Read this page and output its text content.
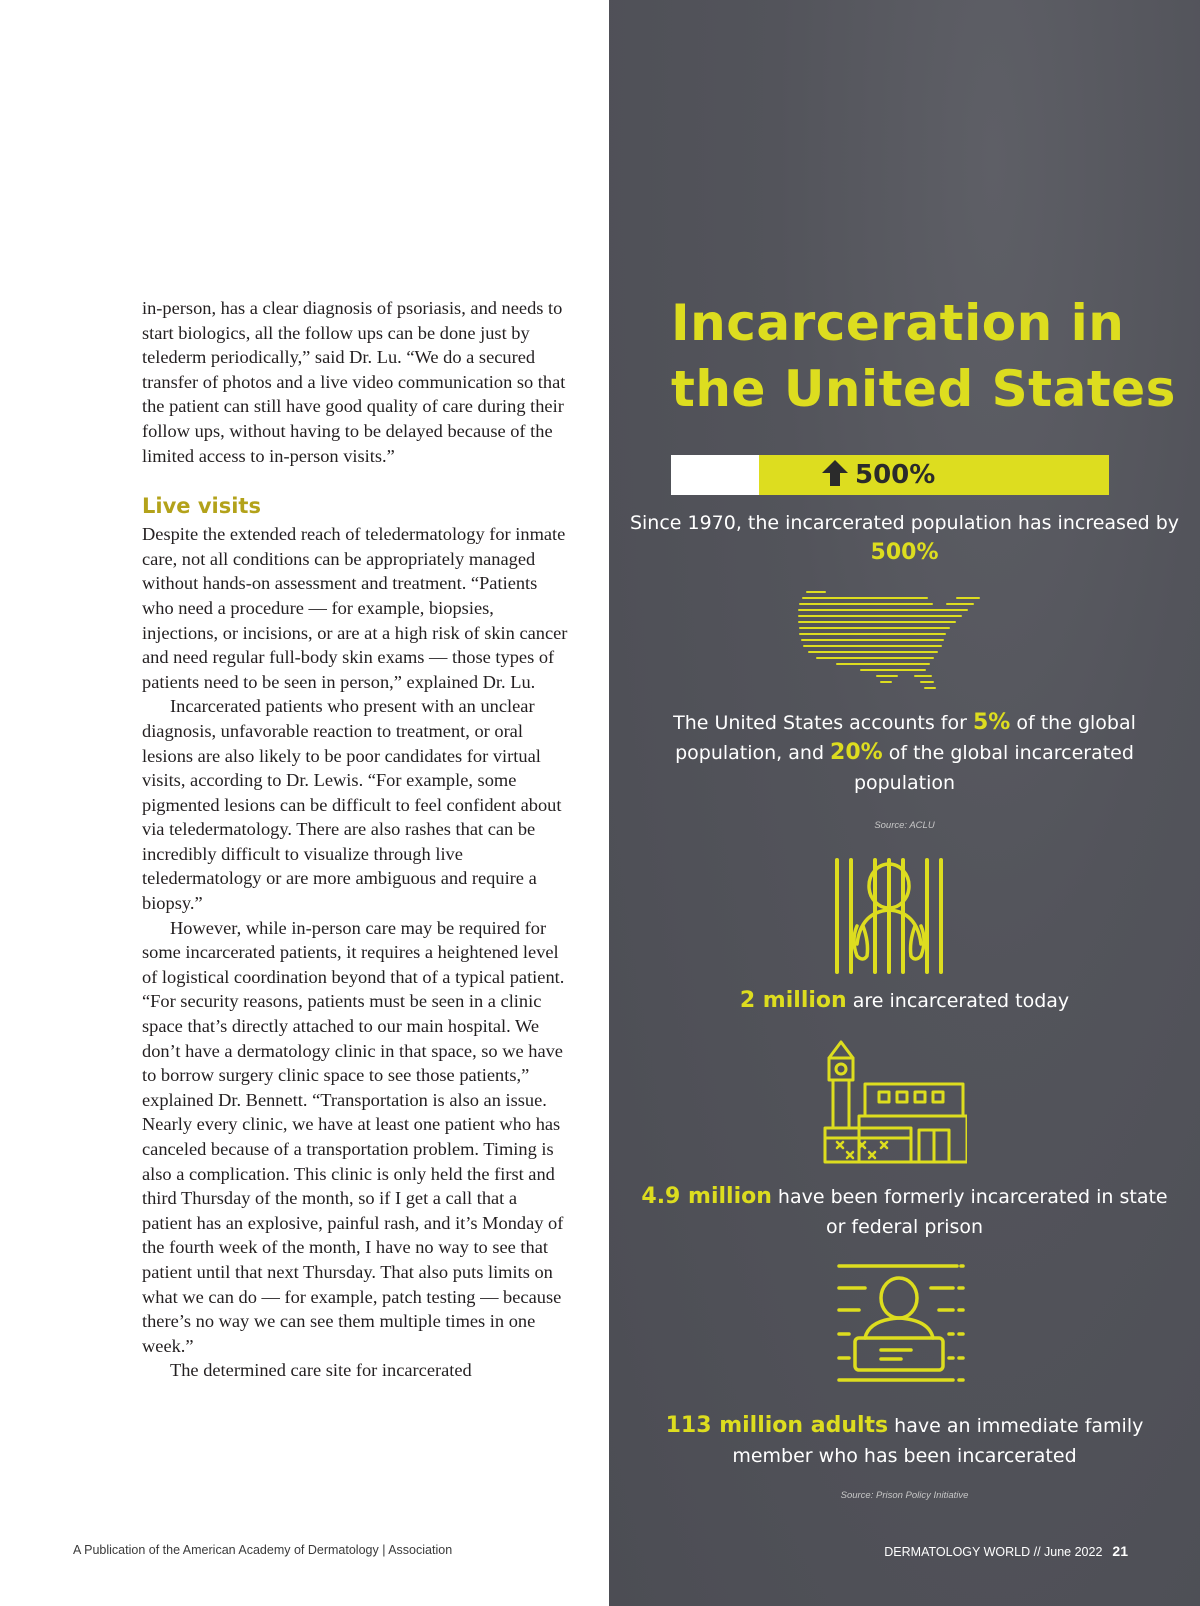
in-person, has a clear diagnosis of psoriasis, and needs to start biologics, all the follow ups can be done just by telederm periodically,” said Dr. Lu. “We do a secured transfer of photos and a live video communication so that the patient can still have good quality of care during their follow ups, without having to be delayed because of the limited access to in-person visits.”

Live visits

Despite the extended reach of teledermatology for inmate care, not all conditions can be appropriately managed without hands-on assessment and treatment. “Patients who need a procedure — for example, biopsies, injections, or incisions, or are at a high risk of skin cancer and need regular full-body skin exams — those types of patients need to be seen in person,” explained Dr. Lu.

Incarcerated patients who present with an unclear diagnosis, unfavorable reaction to treatment, or oral lesions are also likely to be poor candidates for virtual visits, according to Dr. Lewis. “For example, some pigmented lesions can be difficult to feel confident about via teledermatology. There are also rashes that can be incredibly difficult to visualize through live teledermatology or are more ambiguous and require a biopsy.”

However, while in-person care may be required for some incarcerated patients, it requires a heightened level of logistical coordination beyond that of a typical patient. “For security reasons, patients must be seen in a clinic space that’s directly attached to our main hospital. We don’t have a dermatology clinic in that space, so we have to borrow surgery clinic space to see those patients,” explained Dr. Bennett. “Transportation is also an issue. Nearly every clinic, we have at least one patient who has canceled because of a transportation problem. Timing is also a complication. This clinic is only held the first and third Thursday of the month, so if I get a call that a patient has an explosive, painful rash, and it’s Monday of the fourth week of the month, I have no way to see that patient until that next Thursday. That also puts limits on what we can do — for example, patch testing — because there’s no way we can see them multiple times in one week.”

The determined care site for incarcerated

A Publication of the American Academy of Dermatology | Association
Incarceration in the United States
500%
Since 1970, the incarcerated population has increased by 500%
The United States accounts for 5% of the global population, and 20% of the global incarcerated population
Source: ACLU
2 million are incarcerated today
4.9 million have been formerly incarcerated in state or federal prison
113 million adults have an immediate family member who has been incarcerated
Source: Prison Policy Initiative
DERMATOLOGY WORLD // June 2022 21
